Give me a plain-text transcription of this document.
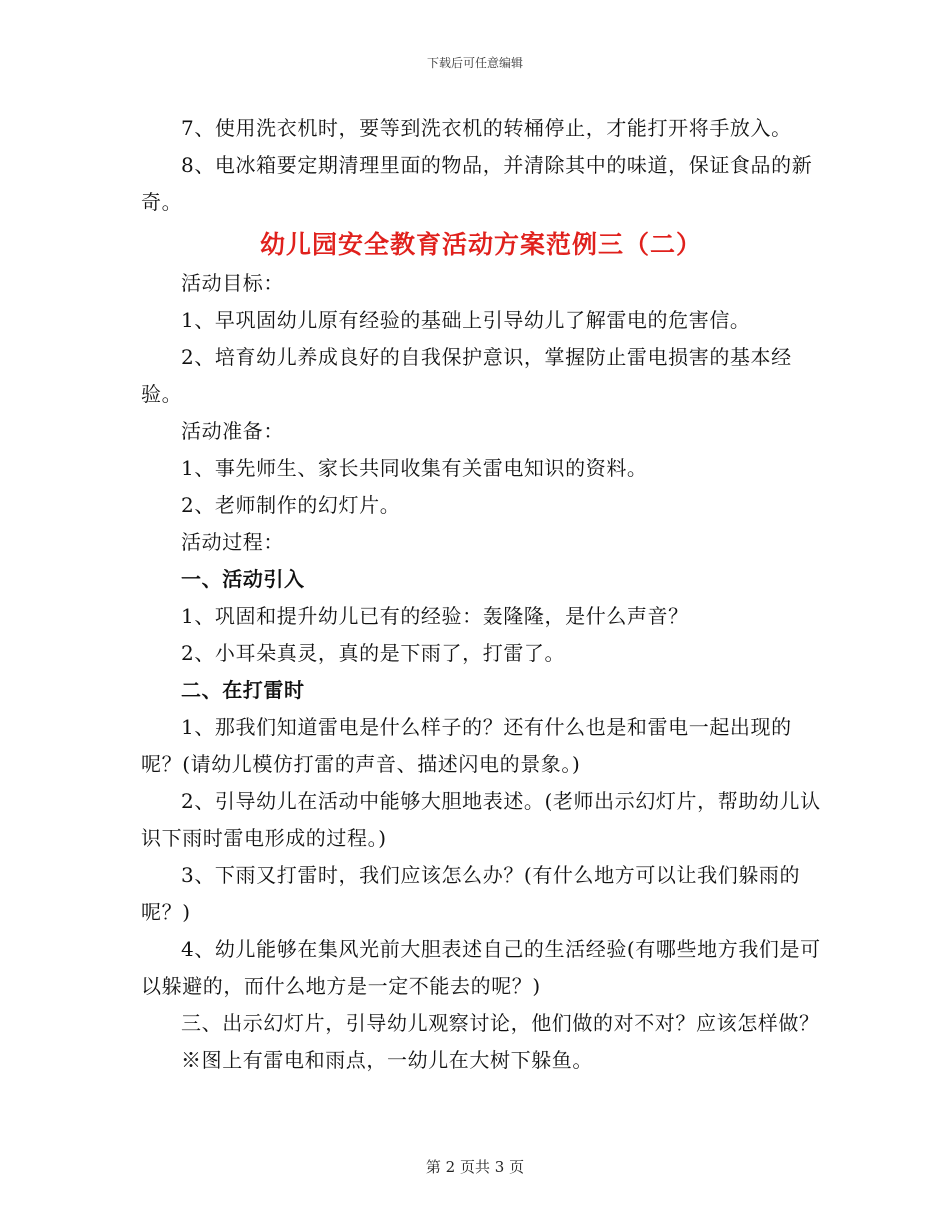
下载后可任意编辑

7、使用洗衣机时，要等到洗衣机的转桶停止，才能打开将手放入。

8、电冰箱要定期清理里面的物品，并清除其中的味道，保证食品的新奇。

幼儿园安全教育活动方案范例三（二）

活动目标：

1、早巩固幼儿原有经验的基础上引导幼儿了解雷电的危害信。

2、培育幼儿养成良好的自我保护意识，掌握防止雷电损害的基本经验。

活动准备：

1、事先师生、家长共同收集有关雷电知识的资料。

2、老师制作的幻灯片。

活动过程：

一、活动引入

1、巩固和提升幼儿已有的经验：轰隆隆，是什么声音？

2、小耳朵真灵，真的是下雨了，打雷了。

二、在打雷时

1、那我们知道雷电是什么样子的？还有什么也是和雷电一起出现的呢？(请幼儿模仿打雷的声音、描述闪电的景象。)

2、引导幼儿在活动中能够大胆地表述。(老师出示幻灯片，帮助幼儿认识下雨时雷电形成的过程。)

3、下雨又打雷时，我们应该怎么办？(有什么地方可以让我们躲雨的呢？)

4、幼儿能够在集风光前大胆表述自己的生活经验(有哪些地方我们是可以躲避的，而什么地方是一定不能去的呢？)

三、出示幻灯片，引导幼儿观察讨论，他们做的对不对？应该怎样做？

※图上有雷电和雨点，一幼儿在大树下躲鱼。

第 2 页共 3 页
